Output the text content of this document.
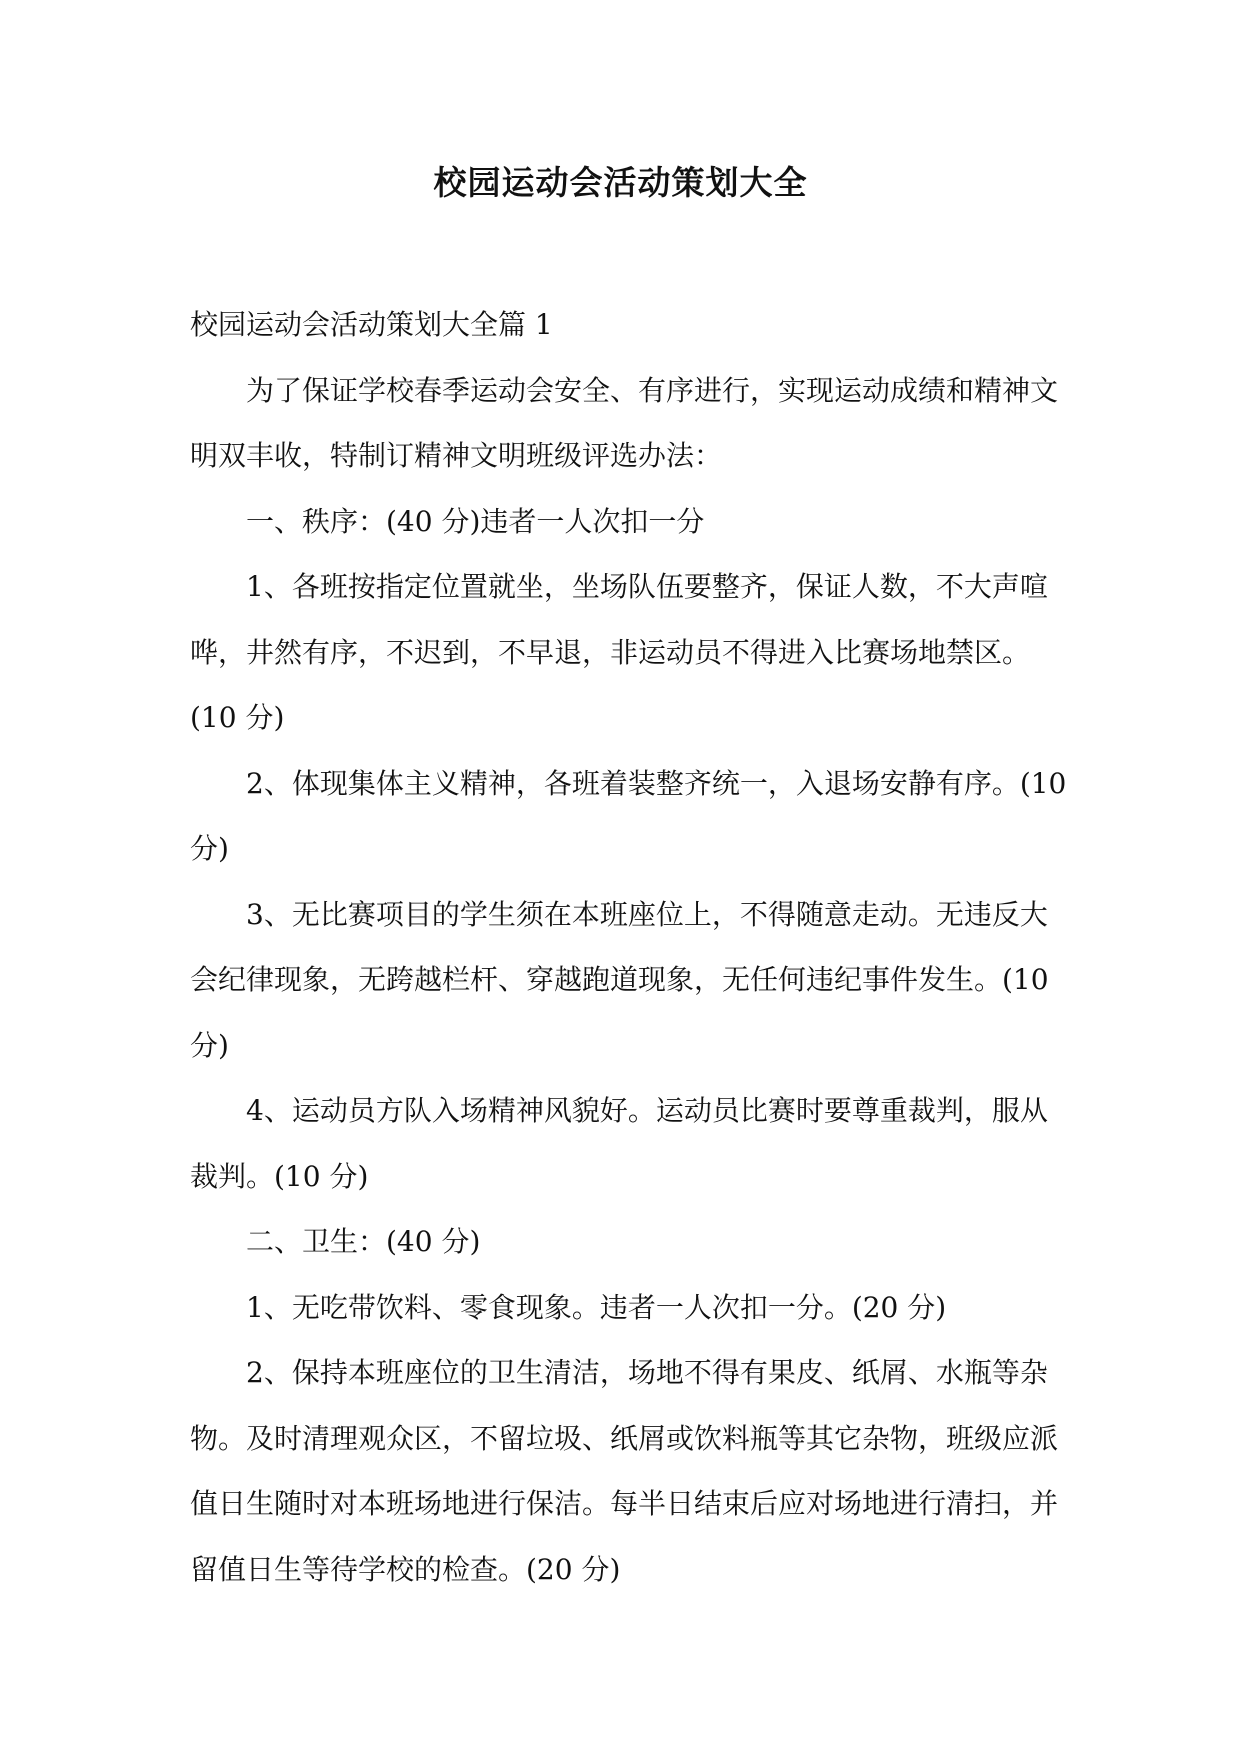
校园运动会活动策划大全

校园运动会活动策划大全篇 1

为了保证学校春季运动会安全、有序进行，实现运动成绩和精神文明双丰收，特制订精神文明班级评选办法：

一、秩序：(40 分)违者一人次扣一分

1、各班按指定位置就坐，坐场队伍要整齐，保证人数，不大声喧哗，井然有序，不迟到，不早退，非运动员不得进入比赛场地禁区。(10 分)

2、体现集体主义精神，各班着装整齐统一，入退场安静有序。(10 分)

3、无比赛项目的学生须在本班座位上，不得随意走动。无违反大会纪律现象，无跨越栏杆、穿越跑道现象，无任何违纪事件发生。(10 分)

4、运动员方队入场精神风貌好。运动员比赛时要尊重裁判，服从裁判。(10 分)

二、卫生：(40 分)

1、无吃带饮料、零食现象。违者一人次扣一分。(20 分)

2、保持本班座位的卫生清洁，场地不得有果皮、纸屑、水瓶等杂物。及时清理观众区，不留垃圾、纸屑或饮料瓶等其它杂物，班级应派值日生随时对本班场地进行保洁。每半日结束后应对场地进行清扫，并留值日生等待学校的检查。(20 分)
